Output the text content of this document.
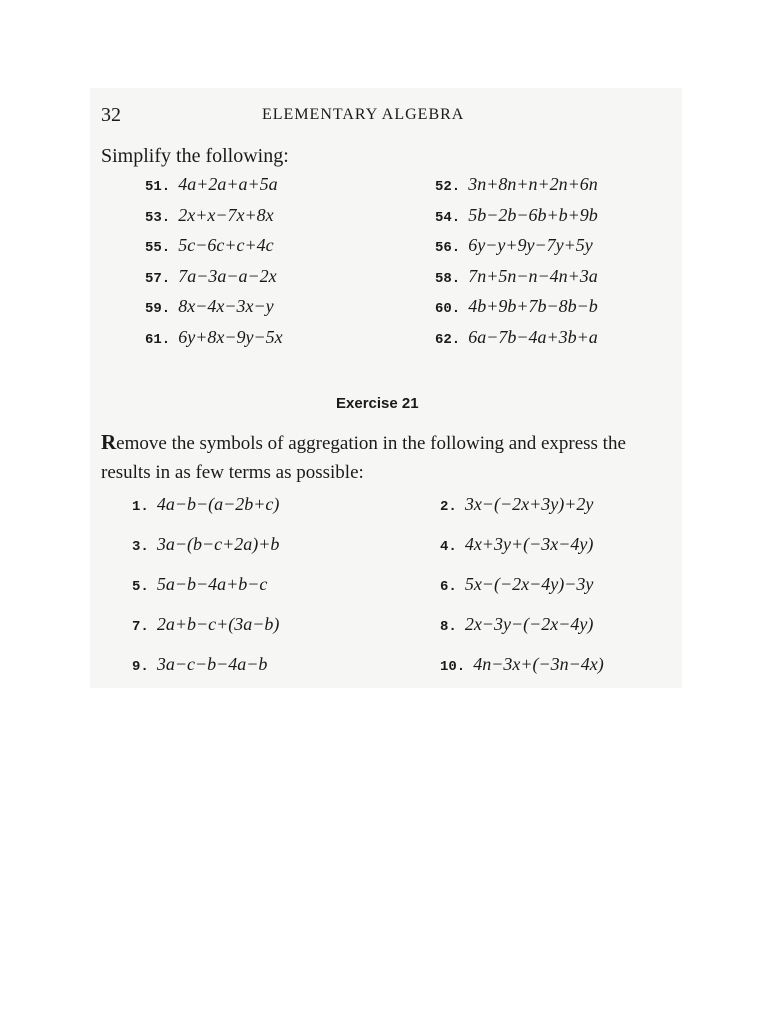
32	ELEMENTARY ALGEBRA
Simplify the following:
51. 4a+2a+a+5a	52. 3n+8n+n+2n+6n
53. 2x+x−7x+8x	54. 5b−2b−6b+b+9b
55. 5c−6c+c+4c	56. 6y−y+9y−7y+5y
57. 7a−3a−a−2x	58. 7n+5n−n−4n+3a
59. 8x−4x−3x−y	60. 4b+9b+7b−8b−b
61. 6y+8x−9y−5x	62. 6a−7b−4a+3b+a
Exercise 21
Remove the symbols of aggregation in the following and express the results in as few terms as possible:
1. 4a−b−(a−2b+c)	2. 3x−(−2x+3y)+2y
3. 3a−(b−c+2a)+b	4. 4x+3y+(−3x−4y)
5. 5a−b−4a+b−c	6. 5x−(−2x−4y)−3y
7. 2a+b−c+(3a−b)	8. 2x−3y−(−2x−4y)
9. 3a−c−b−4a−b	10. 4n−3x+(−3n−4x)
